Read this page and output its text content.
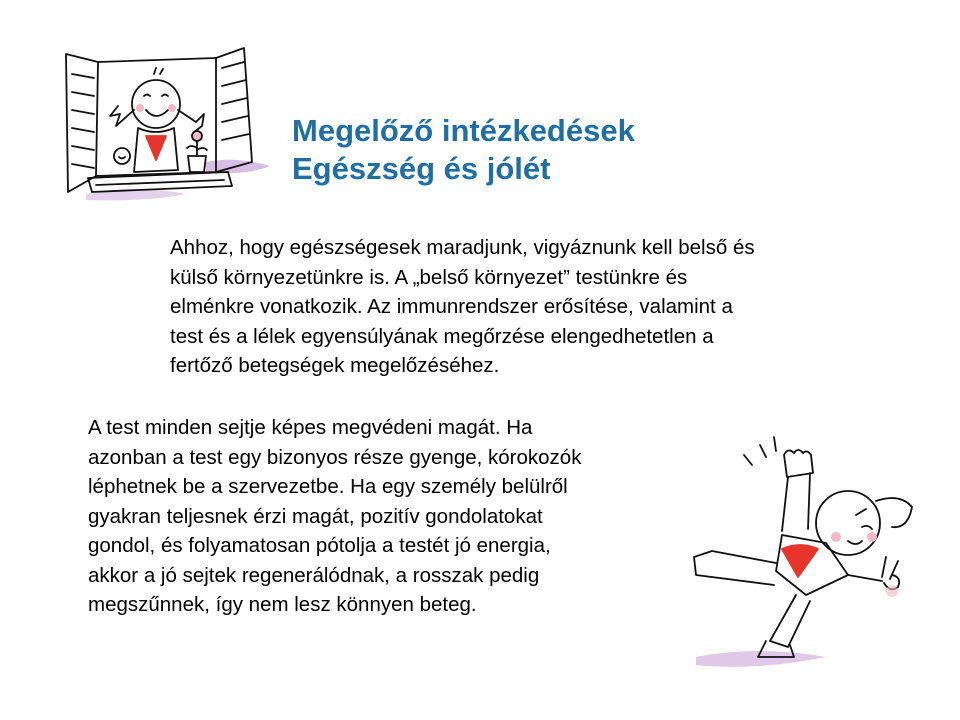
Megelőző intézkedések
Egészség és jólét
Ahhoz, hogy egészségesek maradjunk, vigyáznunk kell belső és
külső környezetünkre is. A „belső környezet” testünkre és
elménkre vonatkozik. Az immunrendszer erősítése, valamint a
test és a lélek egyensúlyának megőrzése elengedhetetlen a
fertőző betegségek megelőzéséhez.
A test minden sejtje képes megvédeni magát. Ha
azonban a test egy bizonyos része gyenge, kórokozók
léphetnek be a szervezetbe. Ha egy személy belülről
gyakran teljesnek érzi magát, pozitív gondolatokat
gondol, és folyamatosan pótolja a testét jó energia,
akkor a jó sejtek regenerálódnak, a rosszak pedig
megszűnnek, így nem lesz könnyen beteg.
